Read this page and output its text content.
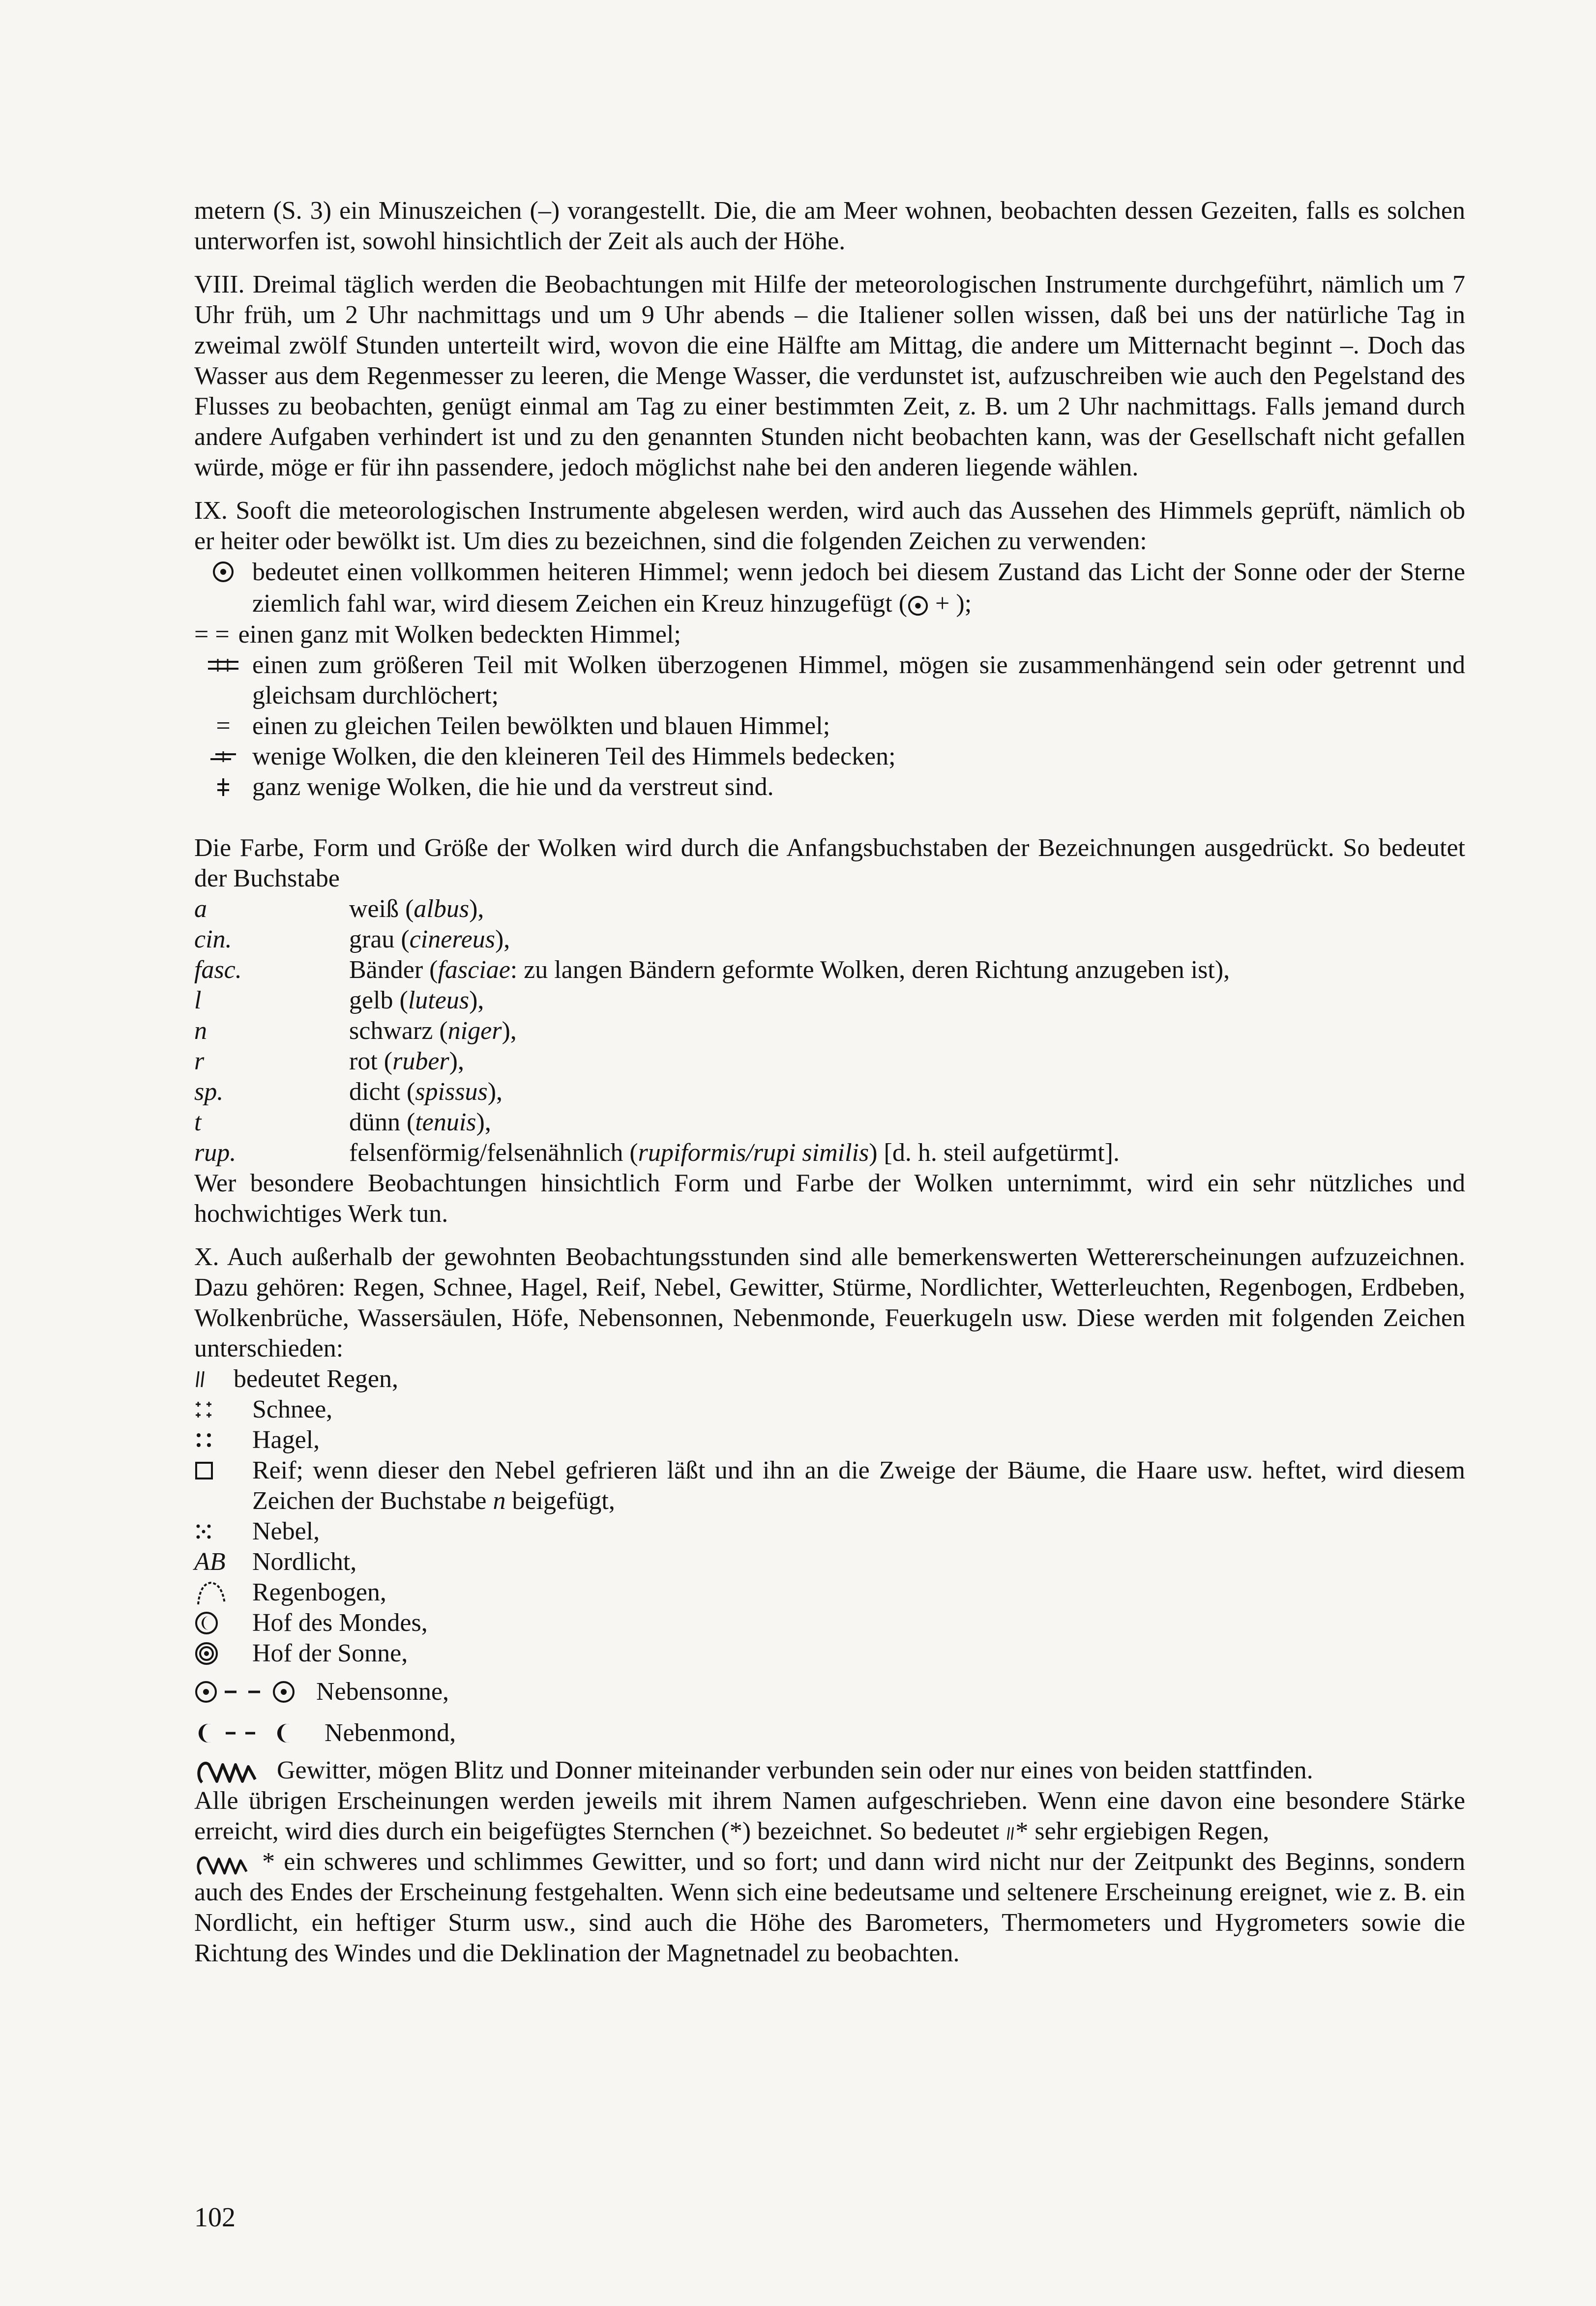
metern (S. 3) ein Minuszeichen (–) vorangestellt. Die, die am Meer wohnen, beobachten dessen Gezeiten, falls es solchen unterworfen ist, sowohl hinsichtlich der Zeit als auch der Höhe.

VIII. Dreimal täglich werden die Beobachtungen mit Hilfe der meteorologischen Instrumente durchgeführt, nämlich um 7 Uhr früh, um 2 Uhr nachmittags und um 9 Uhr abends – die Italiener sollen wissen, daß bei uns der natürliche Tag in zweimal zwölf Stunden unterteilt wird, wovon die eine Hälfte am Mittag, die andere um Mitternacht beginnt –. Doch das Wasser aus dem Regenmesser zu leeren, die Menge Wasser, die verdunstet ist, aufzuschreiben wie auch den Pegelstand des Flusses zu beobachten, genügt einmal am Tag zu einer bestimmten Zeit, z. B. um 2 Uhr nachmittags. Falls jemand durch andere Aufgaben verhindert ist und zu den genannten Stunden nicht beobachten kann, was der Gesellschaft nicht gefallen würde, möge er für ihn passendere, jedoch möglichst nahe bei den anderen liegende wählen.

IX. Sooft die meteorologischen Instrumente abgelesen werden, wird auch das Aussehen des Himmels geprüft, nämlich ob er heiter oder bewölkt ist. Um dies zu bezeichnen, sind die folgenden Zeichen zu verwenden:

bedeutet einen vollkommen heiteren Himmel; wenn jedoch bei diesem Zustand das Licht der Sonne oder der Sterne ziemlich fahl war, wird diesem Zeichen ein Kreuz hinzugefügt ( + );
= = einen ganz mit Wolken bedeckten Himmel;
einen zum größeren Teil mit Wolken überzogenen Himmel, mögen sie zusammenhängend sein oder getrennt und gleichsam durchlöchert;
= einen zu gleichen Teilen bewölkten und blauen Himmel;
wenige Wolken, die den kleineren Teil des Himmels bedecken;
ganz wenige Wolken, die hie und da verstreut sind.

Die Farbe, Form und Größe der Wolken wird durch die Anfangsbuchstaben der Bezeichnungen ausgedrückt. So bedeutet der Buchstabe

a	weiß (albus),
cin.	grau (cinereus),
fasc.	Bänder (fasciae: zu langen Bändern geformte Wolken, deren Richtung anzugeben ist),
l	gelb (luteus),
n	schwarz (niger),
r	rot (ruber),
sp.	dicht (spissus),
t	dünn (tenuis),
rup.	felsenförmig/felsenähnlich (rupiformis/rupi similis) [d. h. steil aufgetürmt].

Wer besondere Beobachtungen hinsichtlich Form und Farbe der Wolken unternimmt, wird ein sehr nützliches und hochwichtiges Werk tun.

X. Auch außerhalb der gewohnten Beobachtungsstunden sind alle bemerkenswerten Wettererscheinungen aufzuzeichnen. Dazu gehören: Regen, Schnee, Hagel, Reif, Nebel, Gewitter, Stürme, Nordlichter, Wetterleuchten, Regenbogen, Erdbeben, Wolkenbrüche, Wassersäulen, Höfe, Nebensonnen, Nebenmonde, Feuerkugeln usw. Diese werden mit folgenden Zeichen unterschieden:

bedeutet Regen,
Schnee,
Hagel,
Reif; wenn dieser den Nebel gefrieren läßt und ihn an die Zweige der Bäume, die Haare usw. heftet, wird diesem Zeichen der Buchstabe n beigefügt,
Nebel,
AB	Nordlicht,
Regenbogen,
Hof des Mondes,
Hof der Sonne,
Nebensonne,
Nebenmond,
Gewitter, mögen Blitz und Donner miteinander verbunden sein oder nur eines von beiden stattfinden.

Alle übrigen Erscheinungen werden jeweils mit ihrem Namen aufgeschrieben. Wenn eine davon eine besondere Stärke erreicht, wird dies durch ein beigefügtes Sternchen (*) bezeichnet. So bedeutet
* sehr ergiebigen Regen,

* ein schweres und schlimmes Gewitter, und so fort; und dann wird nicht nur der Zeitpunkt des Beginns, sondern auch des Endes der Erscheinung festgehalten. Wenn sich eine bedeutsame und seltenere Erscheinung ereignet, wie z. B. ein Nordlicht, ein heftiger Sturm usw., sind auch die Höhe des Barometers, Thermometers und Hygrometers sowie die Richtung des Windes und die Deklination der Magnetnadel zu beobachten.

102
